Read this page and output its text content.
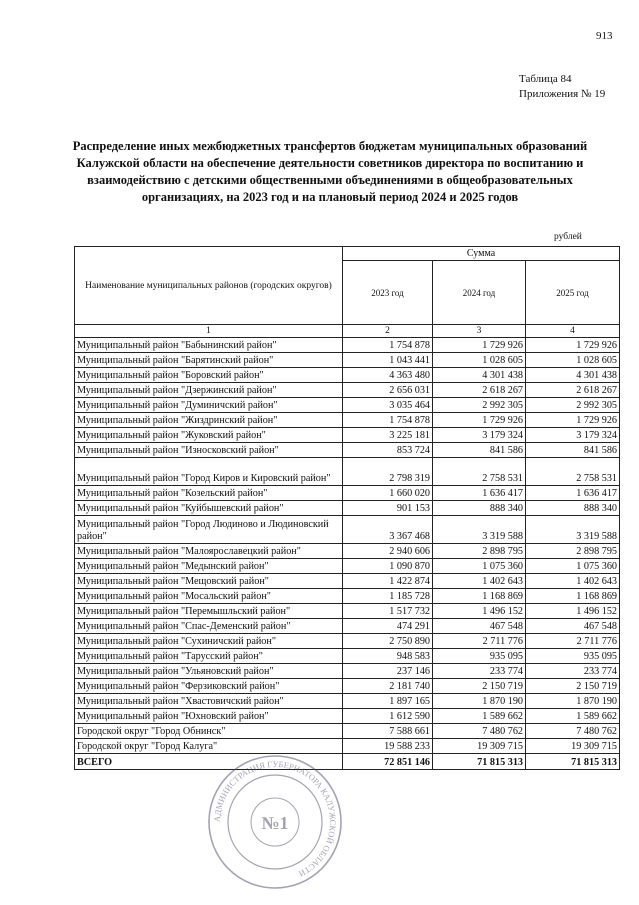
913
Таблица 84
Приложения № 19
Распределение иных межбюджетных трансфертов бюджетам муниципальных образований Калужской области на обеспечение деятельности советников директора по воспитанию и взаимодействию с детскими общественными объединениями в общеобразовательных организациях, на 2023 год и на плановый период 2024 и 2025 годов
рублей
Наименование муниципальных районов (городских округов)	Сумма		
	2023 год	2024 год	2025 год
1	2	3	4
Муниципальный район "Бабынинский район"	1 754 878	1 729 926	1 729 926
Муниципальный район "Барятинский район"	1 043 441	1 028 605	1 028 605
Муниципальный район "Боровский район"	4 363 480	4 301 438	4 301 438
Муниципальный район "Дзержинский район"	2 656 031	2 618 267	2 618 267
Муниципальный район "Думиничский район"	3 035 464	2 992 305	2 992 305
Муниципальный район "Жиздринский район"	1 754 878	1 729 926	1 729 926
Муниципальный район "Жуковский район"	3 225 181	3 179 324	3 179 324
Муниципальный район "Износковский район"	853 724	841 586	841 586
Муниципальный район "Город Киров и Кировский район"	2 798 319	2 758 531	2 758 531
Муниципальный район "Козельский район"	1 660 020	1 636 417	1 636 417
Муниципальный район "Куйбышевский район"	901 153	888 340	888 340
Муниципальный район "Город Людиново и Людиновский район"	3 367 468	3 319 588	3 319 588
Муниципальный район "Малоярославецкий район"	2 940 606	2 898 795	2 898 795
Муниципальный район "Медынский район"	1 090 870	1 075 360	1 075 360
Муниципальный район "Мещовский район"	1 422 874	1 402 643	1 402 643
Муниципальный район "Мосальский район"	1 185 728	1 168 869	1 168 869
Муниципальный район "Перемышльский район"	1 517 732	1 496 152	1 496 152
Муниципальный район "Спас-Деменский район"	474 291	467 548	467 548
Муниципальный район "Сухиничский район"	2 750 890	2 711 776	2 711 776
Муниципальный район "Тарусский район"	948 583	935 095	935 095
Муниципальный район "Ульяновский район"	237 146	233 774	233 774
Муниципальный район "Ферзиковский район"	2 181 740	2 150 719	2 150 719
Муниципальный район "Хвастовичский район"	1 897 165	1 870 190	1 870 190
Муниципальный район "Юхновский район"	1 612 590	1 589 662	1 589 662
Городской округ "Город Обнинск"	7 588 661	7 480 762	7 480 762
Городской округ "Город Калуга"	19 588 233	19 309 715	19 309 715
ВСЕГО	72 851 146	71 815 313	71 815 313
АДМИНИСТРАЦИЯ ГУБЕРНАТОРА КАЛУЖСКОЙ ОБЛАСТИ
№1
